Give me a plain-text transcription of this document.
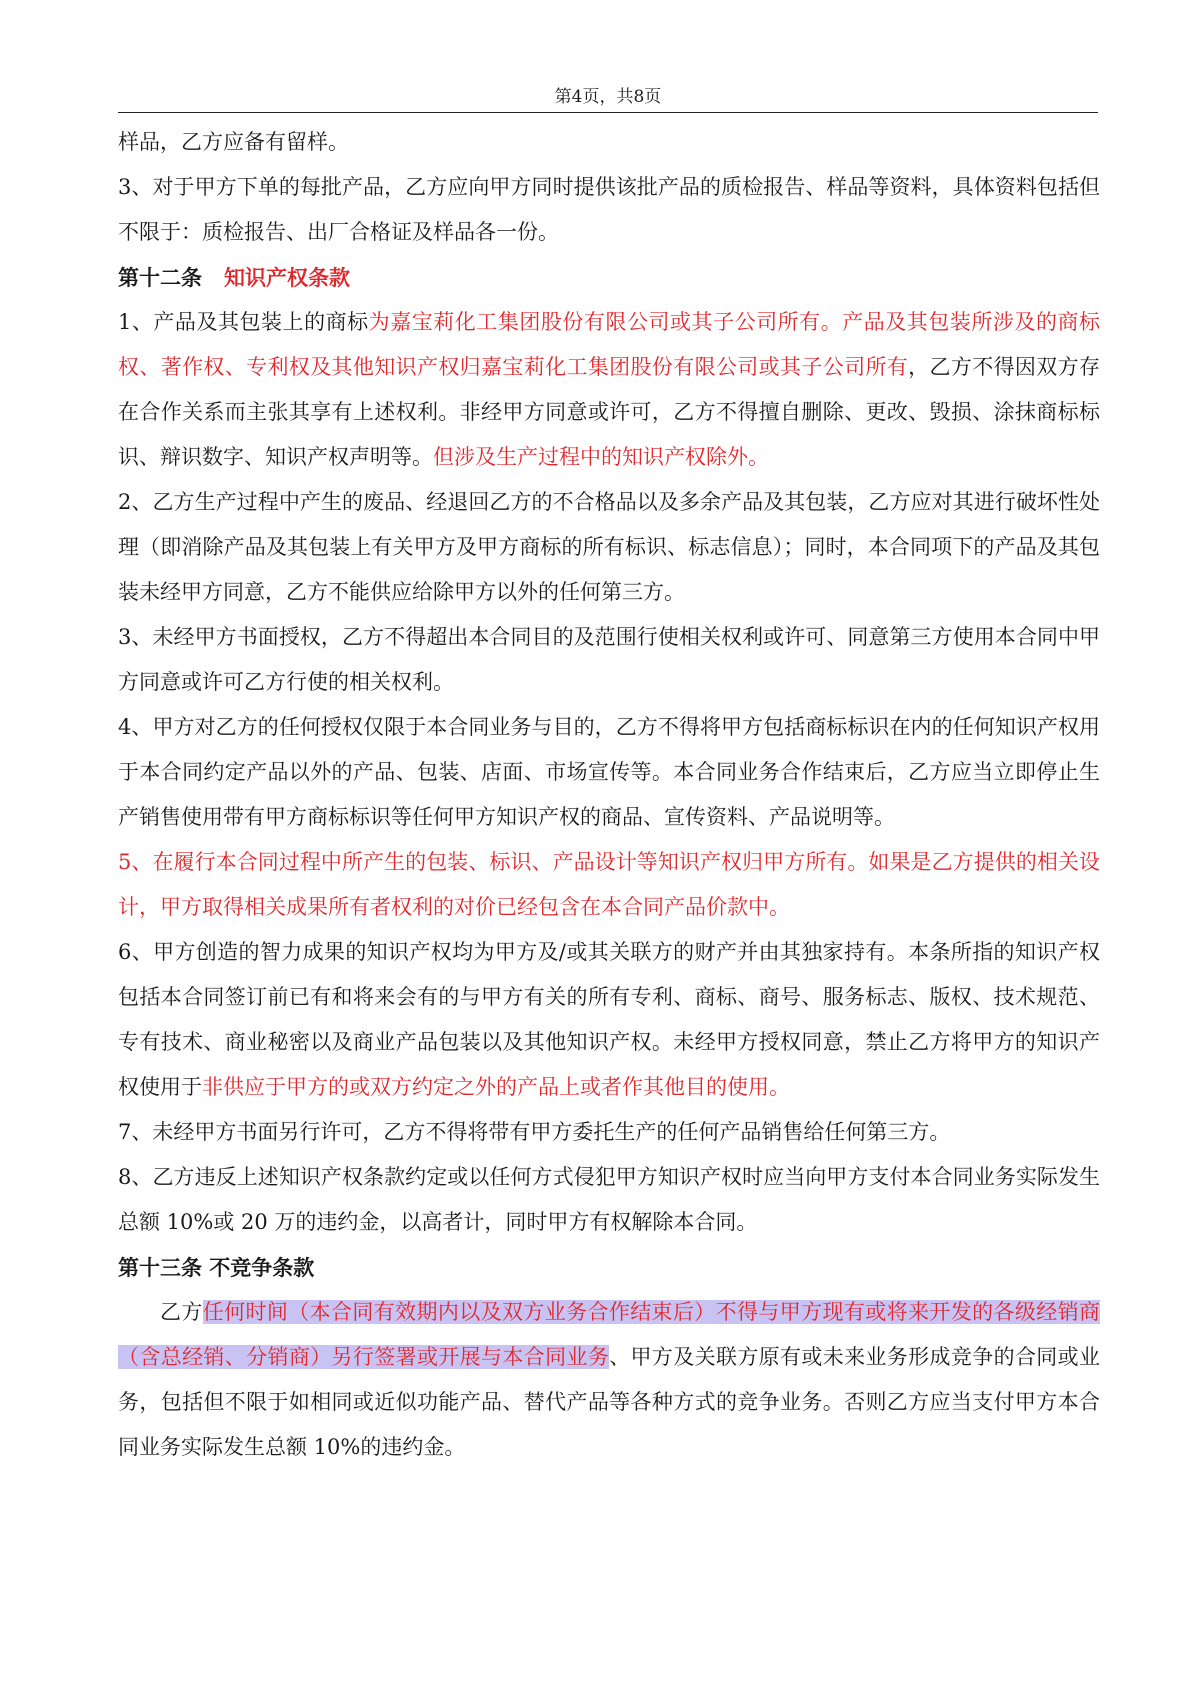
第4页，共8页

样品，乙方应备有留样。

3、对于甲方下单的每批产品，乙方应向甲方同时提供该批产品的质检报告、样品等资料，具体资料包括但不限于：质检报告、出厂合格证及样品各一份。

第十二条 知识产权条款

1、产品及其包装上的商标为嘉宝莉化工集团股份有限公司或其子公司所有。产品及其包装所涉及的商标权、著作权、专利权及其他知识产权归嘉宝莉化工集团股份有限公司或其子公司所有，乙方不得因双方存在合作关系而主张其享有上述权利。非经甲方同意或许可，乙方不得擅自删除、更改、毁损、涂抹商标标识、辩识数字、知识产权声明等。但涉及生产过程中的知识产权除外。

2、乙方生产过程中产生的废品、经退回乙方的不合格品以及多余产品及其包装，乙方应对其进行破坏性处理（即消除产品及其包装上有关甲方及甲方商标的所有标识、标志信息）；同时，本合同项下的产品及其包装未经甲方同意，乙方不能供应给除甲方以外的任何第三方。

3、未经甲方书面授权，乙方不得超出本合同目的及范围行使相关权利或许可、同意第三方使用本合同中甲方同意或许可乙方行使的相关权利。

4、甲方对乙方的任何授权仅限于本合同业务与目的，乙方不得将甲方包括商标标识在内的任何知识产权用于本合同约定产品以外的产品、包装、店面、市场宣传等。本合同业务合作结束后，乙方应当立即停止生产销售使用带有甲方商标标识等任何甲方知识产权的商品、宣传资料、产品说明等。

5、在履行本合同过程中所产生的包装、标识、产品设计等知识产权归甲方所有。如果是乙方提供的相关设计，甲方取得相关成果所有者权利的对价已经包含在本合同产品价款中。

6、甲方创造的智力成果的知识产权均为甲方及/或其关联方的财产并由其独家持有。本条所指的知识产权包括本合同签订前已有和将来会有的与甲方有关的所有专利、商标、商号、服务标志、版权、技术规范、专有技术、商业秘密以及商业产品包装以及其他知识产权。未经甲方授权同意，禁止乙方将甲方的知识产权使用于非供应于甲方的或双方约定之外的产品上或者作其他目的使用。

7、未经甲方书面另行许可，乙方不得将带有甲方委托生产的任何产品销售给任何第三方。

8、乙方违反上述知识产权条款约定或以任何方式侵犯甲方知识产权时应当向甲方支付本合同业务实际发生总额 10%或 20 万的违约金，以高者计，同时甲方有权解除本合同。

第十三条 不竞争条款

乙方任何时间（本合同有效期内以及双方业务合作结束后）不得与甲方现有或将来开发的各级经销商（含总经销、分销商）另行签署或开展与本合同业务、甲方及关联方原有或未来业务形成竞争的合同或业务，包括但不限于如相同或近似功能产品、替代产品等各种方式的竞争业务。否则乙方应当支付甲方本合同业务实际发生总额 10%的违约金。
